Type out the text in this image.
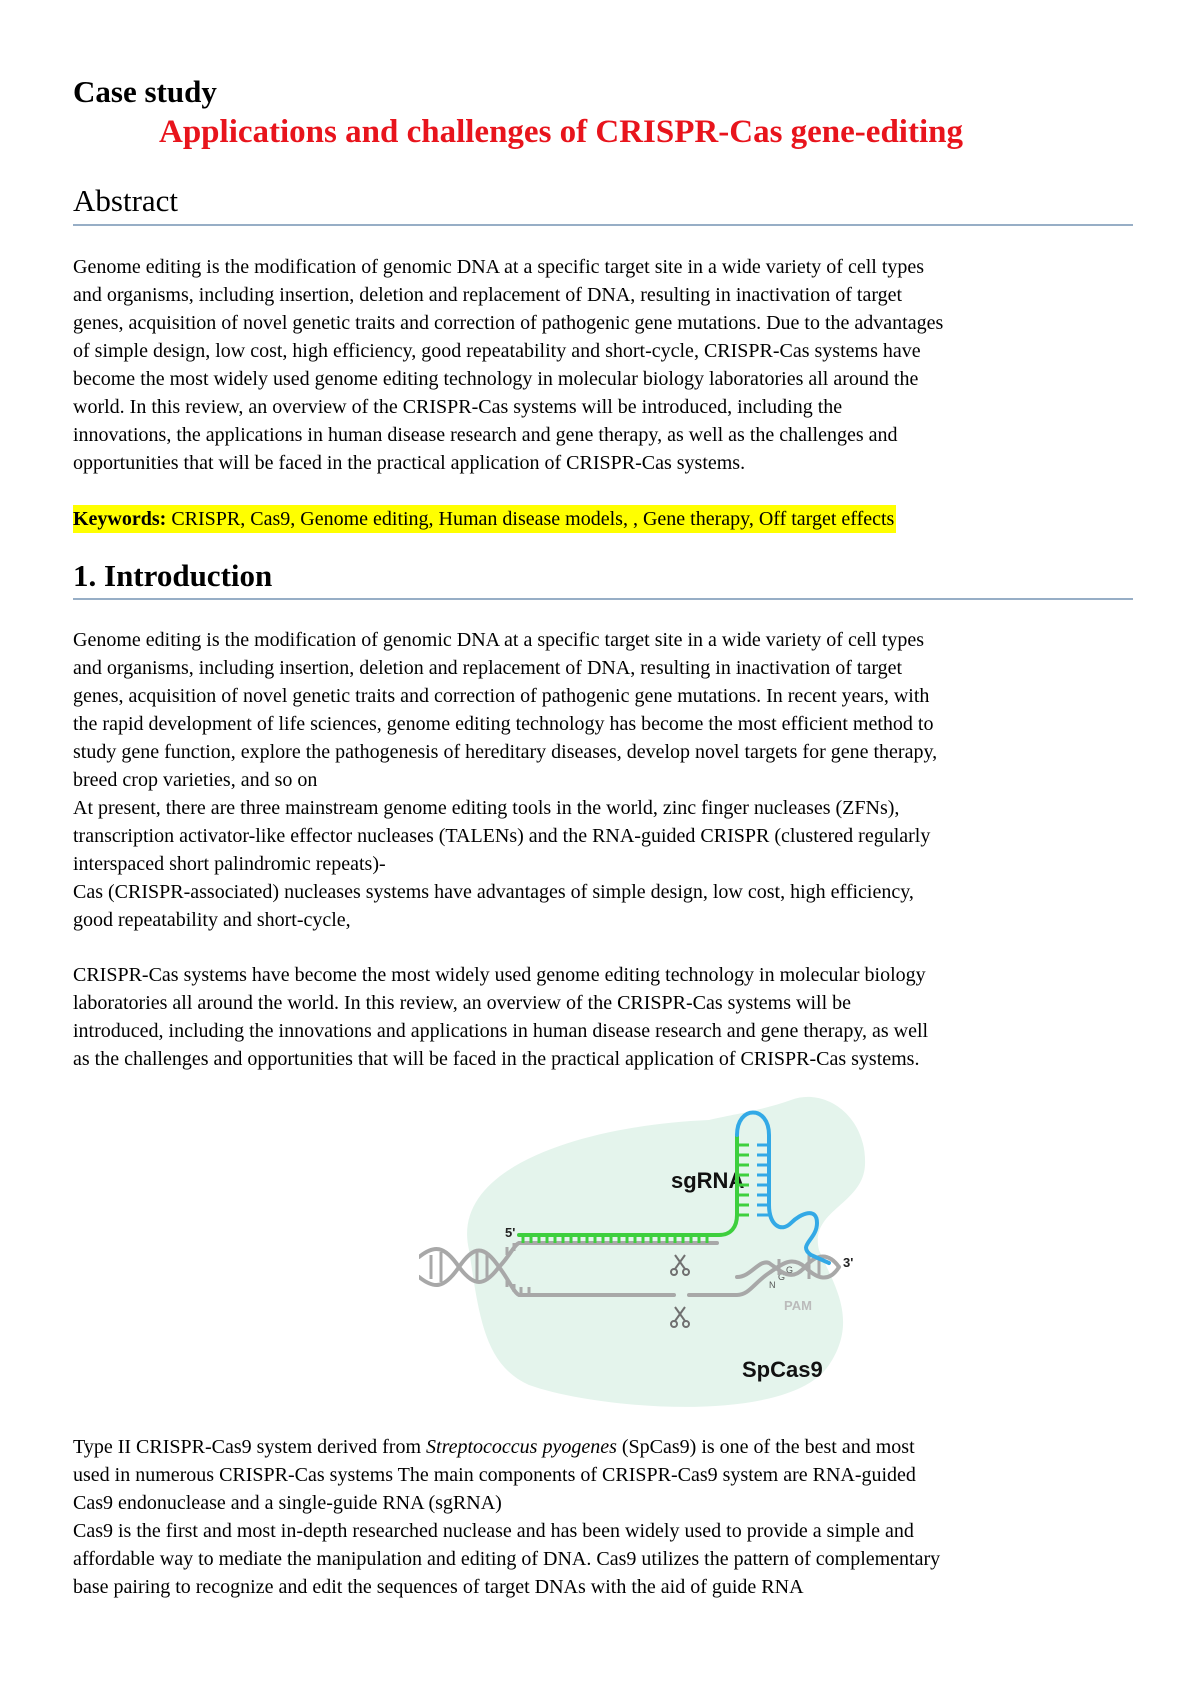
Case study
Applications and challenges of CRISPR-Cas gene-editing
Abstract
Genome editing is the modification of genomic DNA at a specific target site in a wide variety of cell types
and organisms, including insertion, deletion and replacement of DNA, resulting in inactivation of target
genes, acquisition of novel genetic traits and correction of pathogenic gene mutations. Due to the advantages
of simple design, low cost, high efficiency, good repeatability and short-cycle, CRISPR-Cas systems have
become the most widely used genome editing technology in molecular biology laboratories all around the
world. In this review, an overview of the CRISPR-Cas systems will be introduced, including the
innovations, the applications in human disease research and gene therapy, as well as the challenges and
opportunities that will be faced in the practical application of CRISPR-Cas systems.
Keywords: CRISPR, Cas9, Genome editing, Human disease models, , Gene therapy, Off target effects
1. Introduction
Genome editing is the modification of genomic DNA at a specific target site in a wide variety of cell types
and organisms, including insertion, deletion and replacement of DNA, resulting in inactivation of target
genes, acquisition of novel genetic traits and correction of pathogenic gene mutations. In recent years, with
the rapid development of life sciences, genome editing technology has become the most efficient method to
study gene function, explore the pathogenesis of hereditary diseases, develop novel targets for gene therapy,
breed crop varieties, and so on
At present, there are three mainstream genome editing tools in the world, zinc finger nucleases (ZFNs),
transcription activator-like effector nucleases (TALENs) and the RNA-guided CRISPR (clustered regularly
interspaced short palindromic repeats)-
Cas (CRISPR-associated) nucleases systems have advantages of simple design, low cost, high efficiency,
good repeatability and short-cycle,
CRISPR-Cas systems have become the most widely used genome editing technology in molecular biology
laboratories all around the world. In this review, an overview of the CRISPR-Cas systems will be
introduced, including the innovations and applications in human disease research and gene therapy, as well
as the challenges and opportunities that will be faced in the practical application of CRISPR-Cas systems.
sgRNA
SpCas9
5'
3'
PAM
N
G
G
Type II CRISPR-Cas9 system derived from Streptococcus pyogenes (SpCas9) is one of the best and most
used in numerous CRISPR-Cas systems The main components of CRISPR-Cas9 system are RNA-guided
Cas9 endonuclease and a single-guide RNA (sgRNA)
Cas9 is the first and most in-depth researched nuclease and has been widely used to provide a simple and
affordable way to mediate the manipulation and editing of DNA. Cas9 utilizes the pattern of complementary
base pairing to recognize and edit the sequences of target DNAs with the aid of guide RNA
